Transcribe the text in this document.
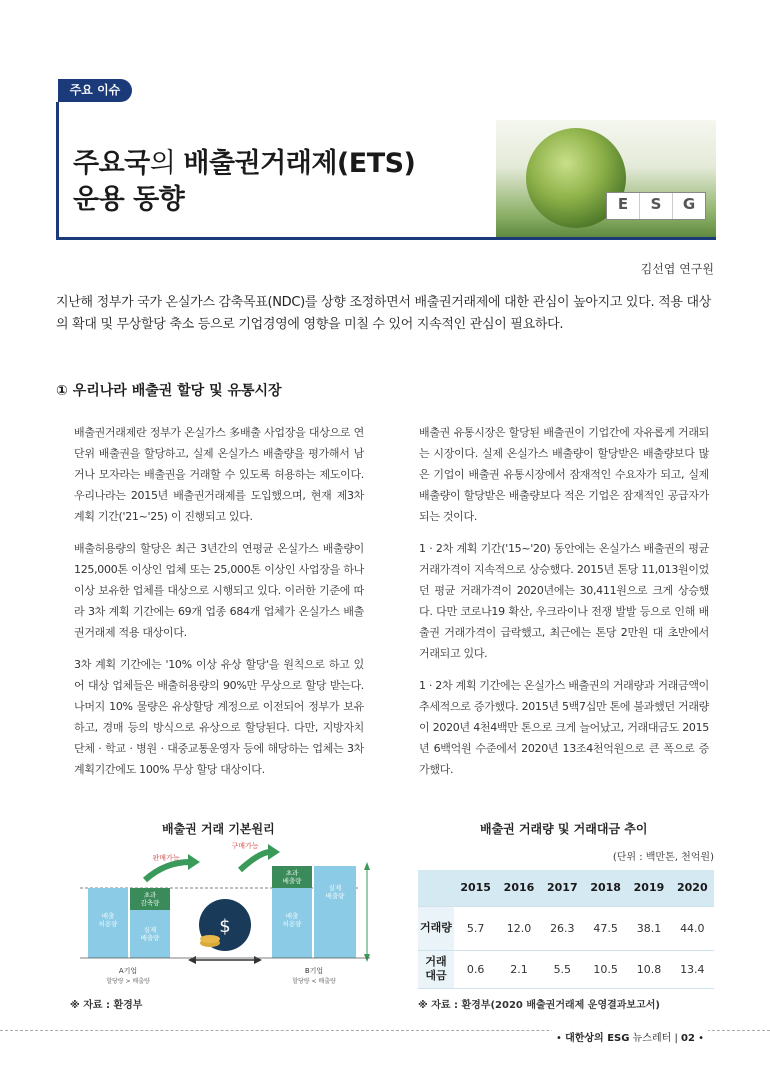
주요 이슈
주요국의 배출권거래제(ETS)
운용 동향	E	S	G
김선엽 연구원
지난해 정부가 국가 온실가스 감축목표(NDC)를 상향 조정하면서 배출권거래제에 대한 관심이 높아지고 있다. 적용 대상의 확대 및 무상할당 축소 등으로 기업경영에 영향을 미칠 수 있어 지속적인 관심이 필요하다.
① 우리나라 배출권 할당 및 유통시장

배출권거래제란 정부가 온실가스 多배출 사업장을 대상으로 연단위 배출권을 할당하고, 실제 온실가스 배출량을 평가해서 남거나 모자라는 배출권을 거래할 수 있도록 허용하는 제도이다. 우리나라는 2015년 배출권거래제를 도입했으며, 현재 제3차 계획 기간('21~'25) 이 진행되고 있다.

배출허용량의 할당은 최근 3년간의 연평균 온실가스 배출량이 125,000톤 이상인 업체 또는 25,000톤 이상인 사업장을 하나 이상 보유한 업체를 대상으로 시행되고 있다. 이러한 기준에 따라 3차 계획 기간에는 69개 업종 684개 업체가 온실가스 배출권거래제 적용 대상이다.

3차 계획 기간에는 '10% 이상 유상 할당'을 원칙으로 하고 있어 대상 업체들은 배출허용량의 90%만 무상으로 할당 받는다. 나머지 10% 물량은 유상할당 계정으로 이전되어 정부가 보유하고, 경매 등의 방식으로 유상으로 할당된다. 다만, 지방자치단체 · 학교 · 병원 · 대중교통운영자 등에 해당하는 업체는 3차 계획기간에도 100% 무상 할당 대상이다.

배출권 유통시장은 할당된 배출권이 기업간에 자유롭게 거래되는 시장이다. 실제 온실가스 배출량이 할당받은 배출량보다 많은 기업이 배출권 유통시장에서 잠재적인 수요자가 되고, 실제 배출량이 할당받은 배출량보다 적은 기업은 잠재적인 공급자가 되는 것이다.

1 · 2차 계획 기간('15~'20) 동안에는 온실가스 배출권의 평균 거래가격이 지속적으로 상승했다. 2015년 톤당 11,013원이었던 평균 거래가격이 2020년에는 30,411원으로 크게 상승했다. 다만 코로나19 확산, 우크라이나 전쟁 발발 등으로 인해 배출권 거래가격이 급락했고, 최근에는 톤당 2만원 대 초반에서 거래되고 있다.

1 · 2차 계획 기간에는 온실가스 배출권의 거래량과 거래금액이 추세적으로 증가했다. 2015년 5백7십만 톤에 불과했던 거래량이 2020년 4천4백만 톤으로 크게 늘어났고, 거래대금도 2015년 6백억원 수준에서 2020년 13조4천억원으로 큰 폭으로 증가했다.

배출권 거래 기본원리
배출 허용량
초과 감축량
실제 배출량
판매가능
$
구매가능
초과 배출량
배출 허용량
실제 배출량
A기업
할당량 > 배출량
B기업
할당량 < 배출량
※ 자료 : 환경부
배출권 거래량 및 거래대금 추이
(단위 : 백만톤, 천억원)
	2015	2016	2017	2018	2019	2020
거래량	5.7	12.0	26.3	47.5	38.1	44.0
거래
대금	0.6	2.1	5.5	10.5	10.8	13.4
※ 자료 : 환경부(2020 배출권거래제 운영결과보고서)
• 대한상의 ESG 뉴스레터 | 02 •
